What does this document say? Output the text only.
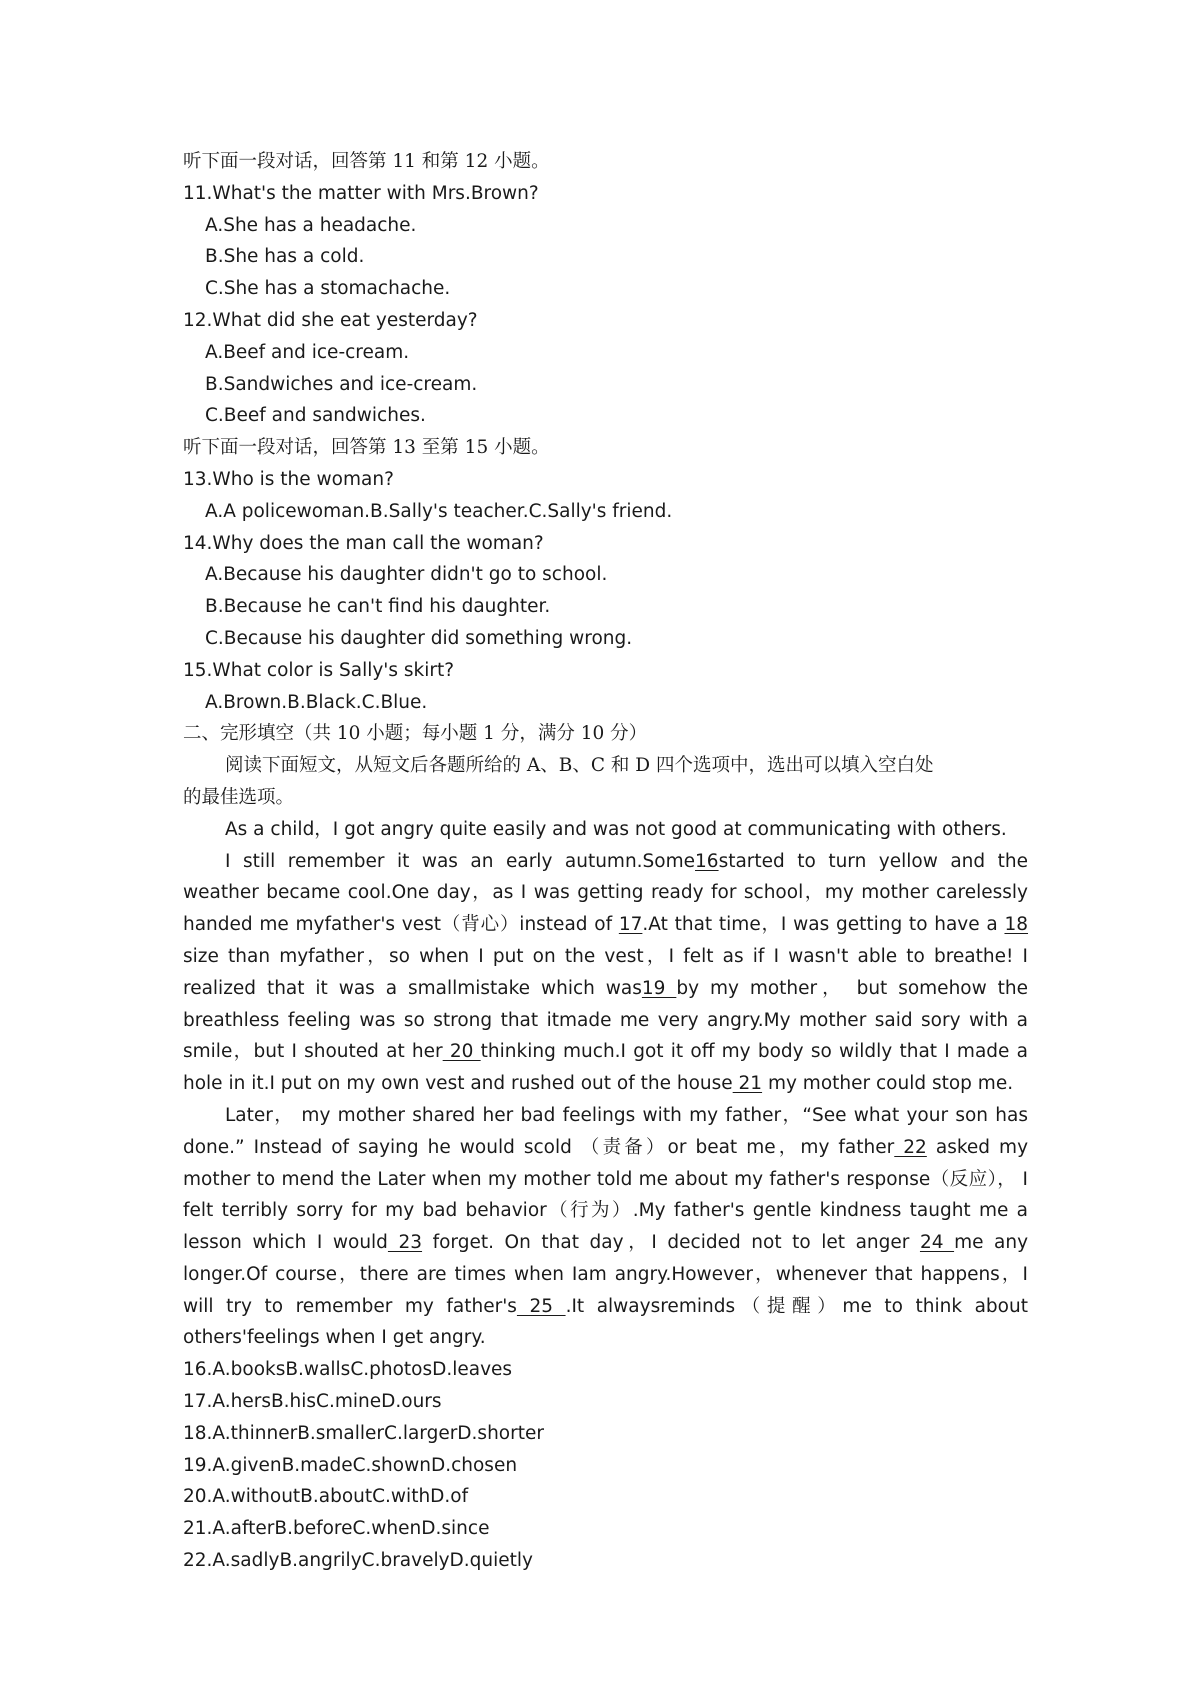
听下面一段对话，回答第 11 和第 12 小题。
11.What's the matter with Mrs.Brown?
A.She has a headache.
B.She has a cold.
C.She has a stomachache.
12.What did she eat yesterday?
A.Beef and ice-cream.
B.Sandwiches and ice-cream.
C.Beef and sandwiches.
听下面一段对话，回答第 13 至第 15 小题。
13.Who is the woman?
A.A policewoman.B.Sally's teacher.C.Sally's friend.
14.Why does the man call the woman?
A.Because his daughter didn't go to school.
B.Because he can't find his daughter.
C.Because his daughter did something wrong.
15.What color is Sally's skirt?
A.Brown.B.Black.C.Blue.
二、完形填空（共 10 小题；每小题 1 分，满分 10 分）
阅读下面短文，从短文后各题所给的 A、B、C 和 D 四个选项中，选出可以填入空白处
的最佳选项。
As a child，I got angry quite easily and was not good at communicating with others.
I still remember it was an early autumn.Some16started to turn yellow and the weather became cool.One day，as I was getting ready for school，my mother carelessly handed me myfather's vest（背心）instead of 17.At that time，I was getting to have a 18 size than myfather，so when I put on the vest，I felt as if I wasn't able to breathe! I realized that it was a smallmistake which was19 by my mother， but somehow the breathless feeling was so strong that itmade me very angry.My mother said sory with a smile，but I shouted at her 20 thinking much.I got it off my body so wildly that I made a hole in it.I put on my own vest and rushed out of the house 21 my mother could stop me.
Later， my mother shared her bad feelings with my father，“See what your son has done.” Instead of saying he would scold （责备）or beat me，my father 22 asked my mother to mend the Later when my mother told me about my father's response（反应）， I felt terribly sorry for my bad behavior（行为）.My father's gentle kindness taught me a lesson which I would 23 forget. On that day，I decided not to let anger 24 me any longer.Of course，there are times when Iam angry.However，whenever that happens，I will try to remember my father's 25 .It alwaysreminds（提醒）me to think about others'feelings when I get angry.
16.A.booksB.wallsC.photosD.leaves
17.A.hersB.hisC.mineD.ours
18.A.thinnerB.smallerC.largerD.shorter
19.A.givenB.madeC.shownD.chosen
20.A.withoutB.aboutC.withD.of
21.A.afterB.beforeC.whenD.since
22.A.sadlyB.angrilyC.bravelyD.quietly
